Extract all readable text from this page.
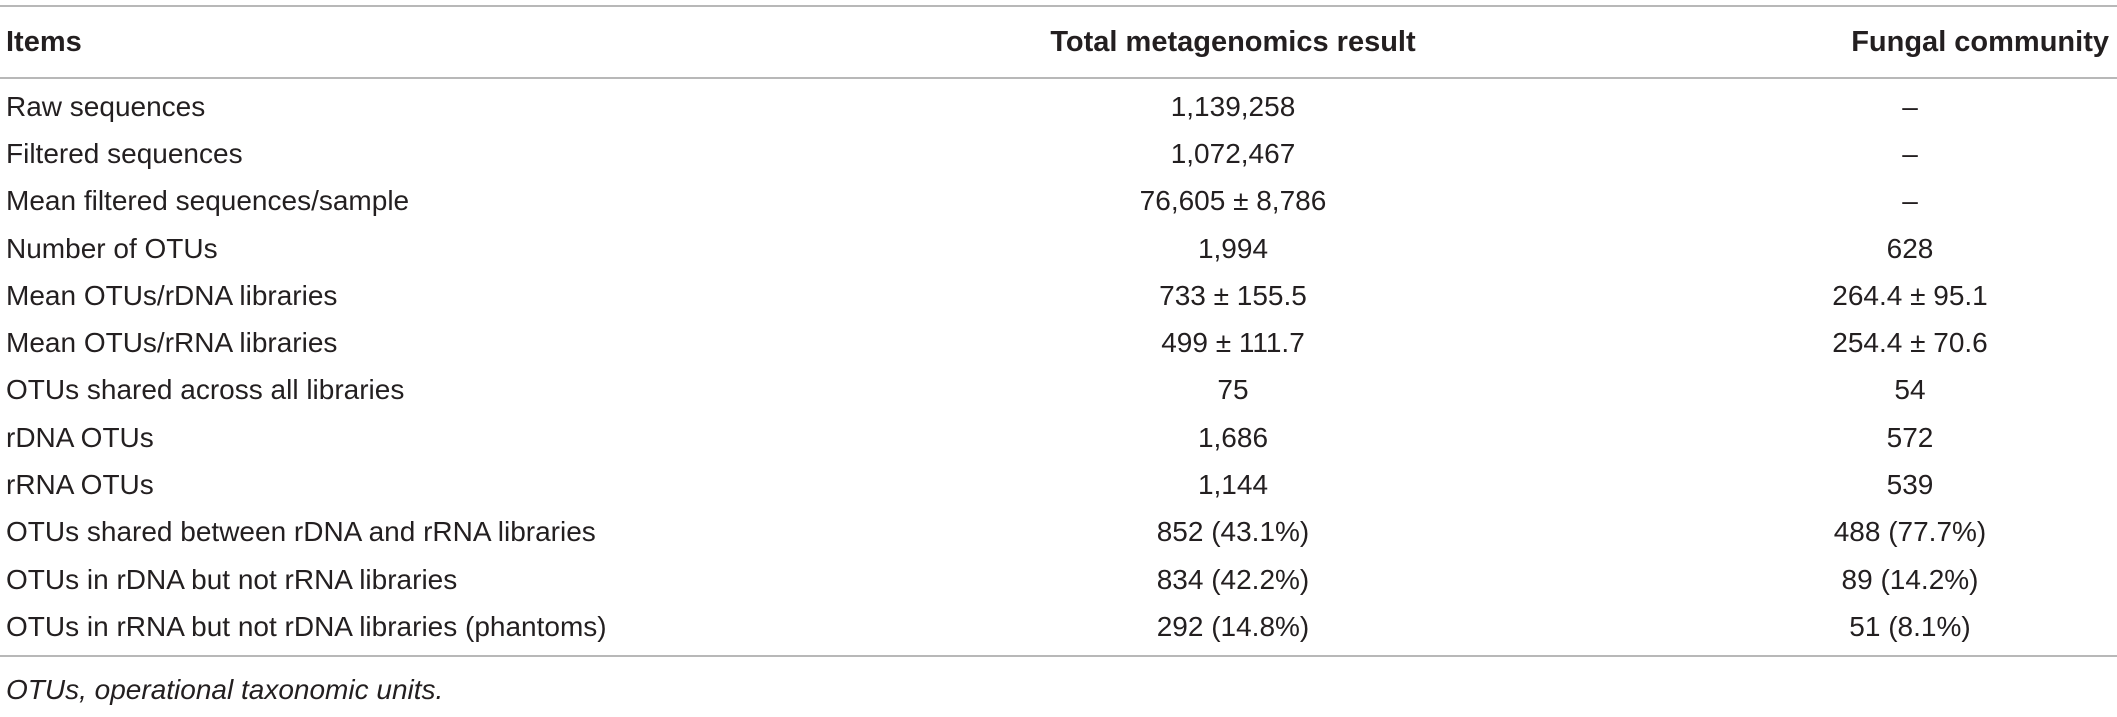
Items	Total metagenomics result	Fungal community
Raw sequences	1,139,258	–
Filtered sequences	1,072,467	–
Mean filtered sequences/sample	76,605 ± 8,786	–
Number of OTUs	1,994	628
Mean OTUs/rDNA libraries	733 ± 155.5	264.4 ± 95.1
Mean OTUs/rRNA libraries	499 ± 111.7	254.4 ± 70.6
OTUs shared across all libraries	75	54
rDNA OTUs	1,686	572
rRNA OTUs	1,144	539
OTUs shared between rDNA and rRNA libraries	852 (43.1%)	488 (77.7%)
OTUs in rDNA but not rRNA libraries	834 (42.2%)	89 (14.2%)
OTUs in rRNA but not rDNA libraries (phantoms)	292 (14.8%)	51 (8.1%)
OTUs, operational taxonomic units.
